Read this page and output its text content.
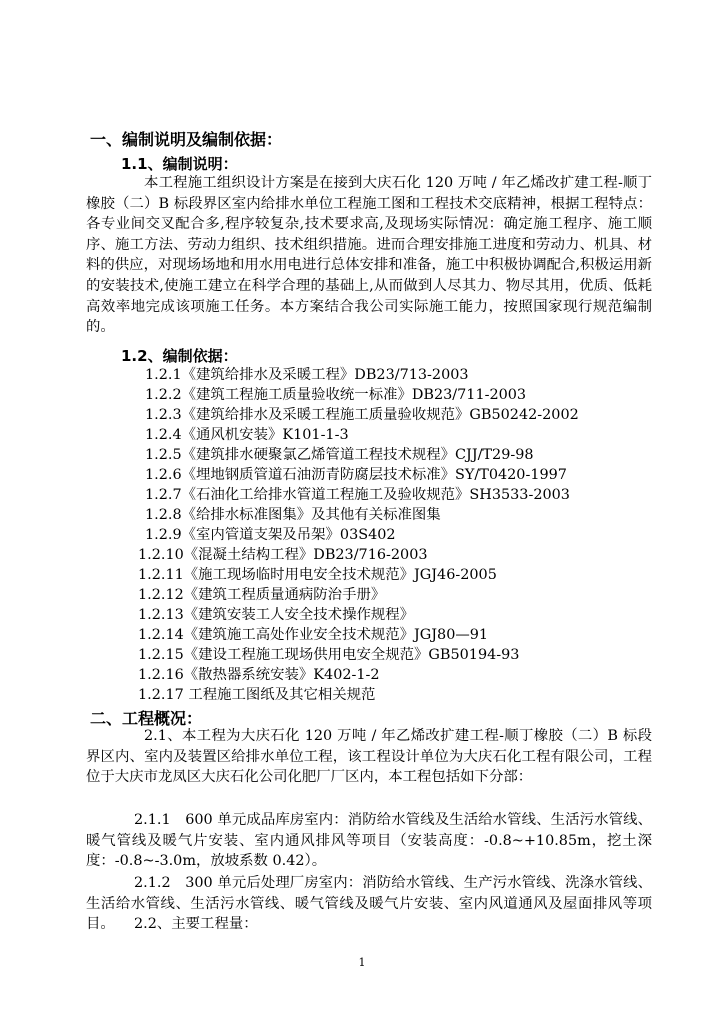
一、编制说明及编制依据：
1.1、编制说明：

本工程施工组织设计方案是在接到大庆石化 120 万吨 / 年乙烯改扩建工程-顺丁橡胶（二）B 标段界区室内给排水单位工程施工图和工程技术交底精神，根据工程特点：各专业间交叉配合多,程序较复杂,技术要求高,及现场实际情况：确定施工程序、施工顺序、施工方法、劳动力组织、技术组织措施。进而合理安排施工进度和劳动力、机具、材料的供应，对现场场地和用水用电进行总体安排和准备，施工中积极协调配合,积极运用新的安装技术,使施工建立在科学合理的基础上,从而做到人尽其力、物尽其用，优质、低耗高效率地完成该项施工任务。本方案结合我公司实际施工能力，按照国家现行规范编制的。

1.2、编制依据：
1.2.1《建筑给排水及采暖工程》DB23/713-2003
1.2.2《建筑工程施工质量验收统一标准》DB23/711-2003
1.2.3《建筑给排水及采暖工程施工质量验收规范》GB50242-2002
1.2.4《通风机安装》K101-1-3
1.2.5《建筑排水硬聚氯乙烯管道工程技术规程》CJJ/T29-98
1.2.6《埋地钢质管道石油沥青防腐层技术标准》SY/T0420-1997
1.2.7《石油化工给排水管道工程施工及验收规范》SH3533-2003
1.2.8《给排水标准图集》及其他有关标准图集
1.2.9《室内管道支架及吊架》03S402
1.2.10《混凝土结构工程》DB23/716-2003
1.2.11《施工现场临时用电安全技术规范》JGJ46-2005
1.2.12《建筑工程质量通病防治手册》
1.2.13《建筑安装工人安全技术操作规程》
1.2.14《建筑施工高处作业安全技术规范》JGJ80—91
1.2.15《建设工程施工现场供用电安全规范》GB50194-93
1.2.16《散热器系统安装》K402-1-2
1.2.17 工程施工图纸及其它相关规范
二、工程概况：

2.1、本工程为大庆石化 120 万吨 / 年乙烯改扩建工程-顺丁橡胶（二）B 标段界区内、室内及装置区给排水单位工程，该工程设计单位为大庆石化工程有限公司，工程位于大庆市龙凤区大庆石化公司化肥厂厂区内，本工程包括如下分部：

2.1.1　600 单元成品库房室内：消防给水管线及生活给水管线、生活污水管线、暖气管线及暖气片安装、室内通风排风等项目（安装高度：-0.8~+10.85m，挖土深度：-0.8~-3.0m，放坡系数 0.42）。

2.1.2　300 单元后处理厂房室内：消防给水管线、生产污水管线、洗涤水管线、生活给水管线、生活污水管线、暖气管线及暖气片安装、室内风道通风及屋面排风等项目。	2.2、主要工程量：
1
